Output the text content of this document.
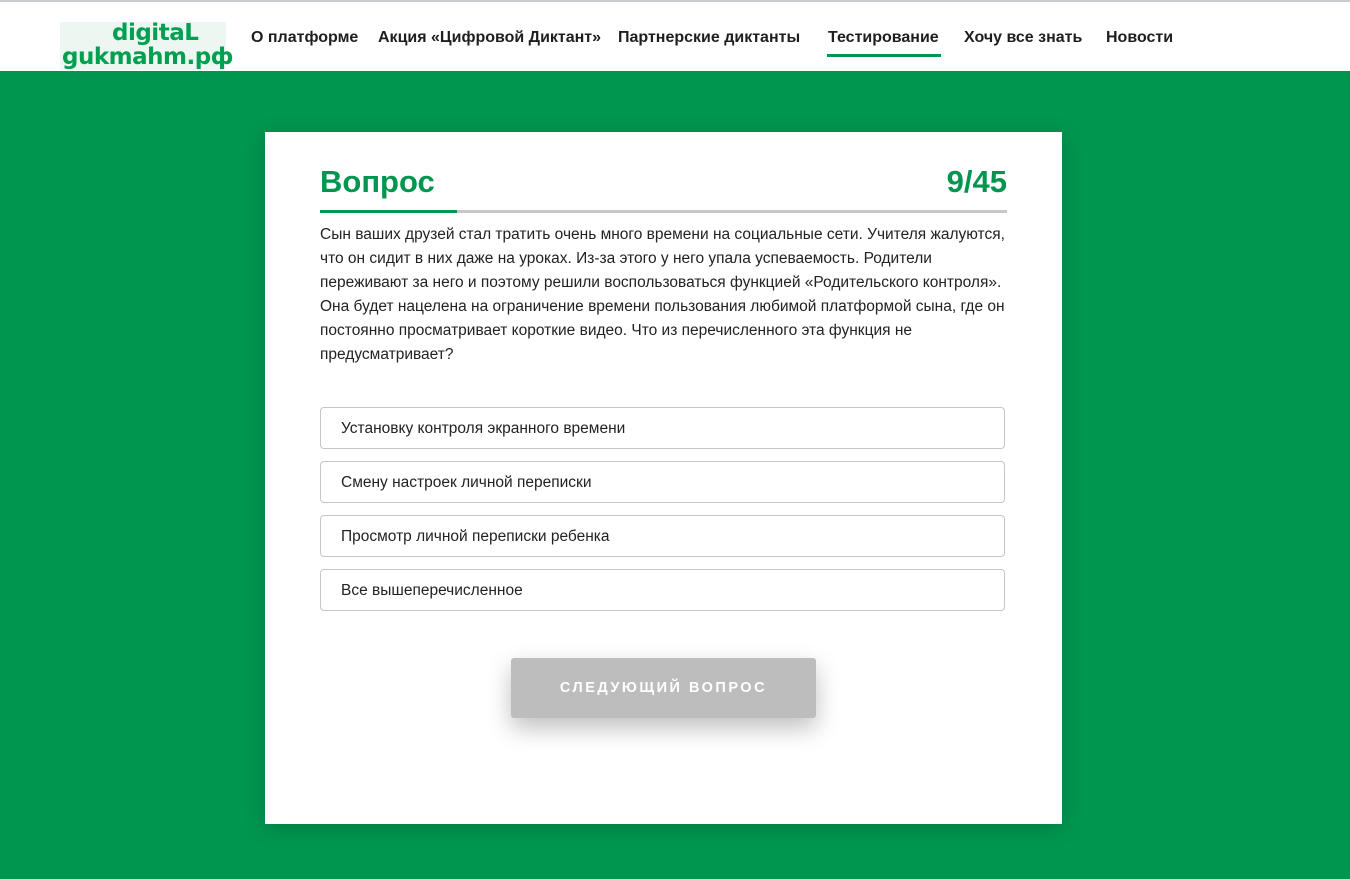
digitaL
gukmahm.pф
О платформе Акция «Цифровой Диктант» Партнерские диктанты Тестирование Хочу все знать Новости
Вопрос	9/45
Сын ваших друзей стал тратить очень много времени на социальные сети. Учителя жалуются, что он сидит в них даже на уроках. Из-за этого у него упала успеваемость. Родители переживают за него и поэтому решили воспользоваться функцией «Родительского контроля». Она будет нацелена на ограничение времени пользования любимой платформой сына, где он постоянно просматривает короткие видео. Что из перечисленного эта функция не предусматривает?
Установку контроля экранного времени
Смену настроек личной переписки
Просмотр личной переписки ребенка
Все вышеперечисленное
СЛЕДУЮЩИЙ ВОПРОС
